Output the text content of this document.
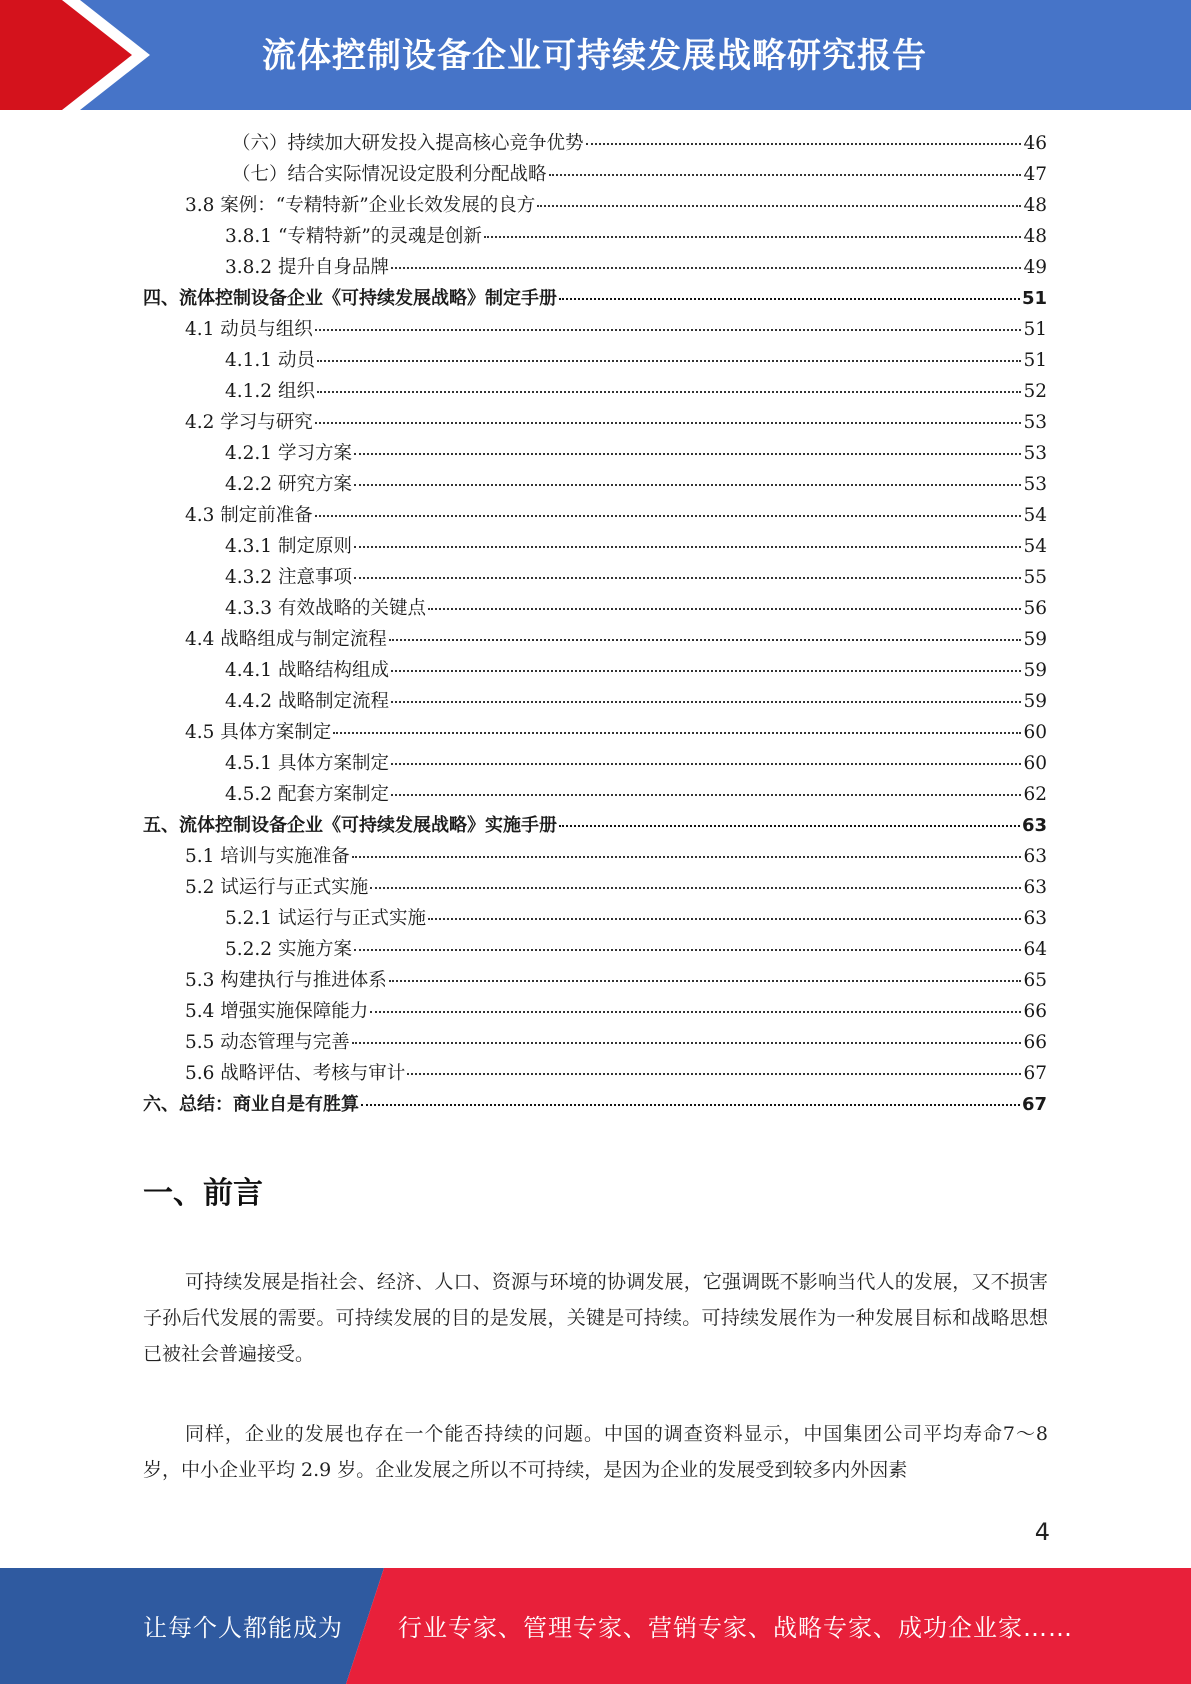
流体控制设备企业可持续发展战略研究报告
（六）持续加大研发投入提高核心竞争优势	46
（七）结合实际情况设定股利分配战略	47
3.8 案例：“专精特新”企业长效发展的良方	48
3.8.1 “专精特新”的灵魂是创新	48
3.8.2 提升自身品牌	49
四、流体控制设备企业《可持续发展战略》制定手册	51
4.1 动员与组织	51
4.1.1 动员	51
4.1.2 组织	52
4.2 学习与研究	53
4.2.1 学习方案	53
4.2.2 研究方案	53
4.3 制定前准备	54
4.3.1 制定原则	54
4.3.2 注意事项	55
4.3.3 有效战略的关键点	56
4.4 战略组成与制定流程	59
4.4.1 战略结构组成	59
4.4.2 战略制定流程	59
4.5 具体方案制定	60
4.5.1 具体方案制定	60
4.5.2 配套方案制定	62
五、流体控制设备企业《可持续发展战略》实施手册	63
5.1 培训与实施准备	63
5.2 试运行与正式实施	63
5.2.1 试运行与正式实施	63
5.2.2 实施方案	64
5.3 构建执行与推进体系	65
5.4 增强实施保障能力	66
5.5 动态管理与完善	66
5.6 战略评估、考核与审计	67
六、总结：商业自是有胜算	67
一、前言
可持续发展是指社会、经济、人口、资源与环境的协调发展，它强调既不影响当代人的发展，又不损害子孙后代发展的需要。可持续发展的目的是发展，关键是可持续。可持续发展作为一种发展目标和战略思想已被社会普遍接受。
同样，企业的发展也存在一个能否持续的问题。中国的调查资料显示，中国集团公司平均寿命7～8 岁，中小企业平均 2.9 岁。企业发展之所以不可持续，是因为企业的发展受到较多内外因素
4
让每个人都能成为 行业专家、管理专家、营销专家、战略专家、成功企业家……
